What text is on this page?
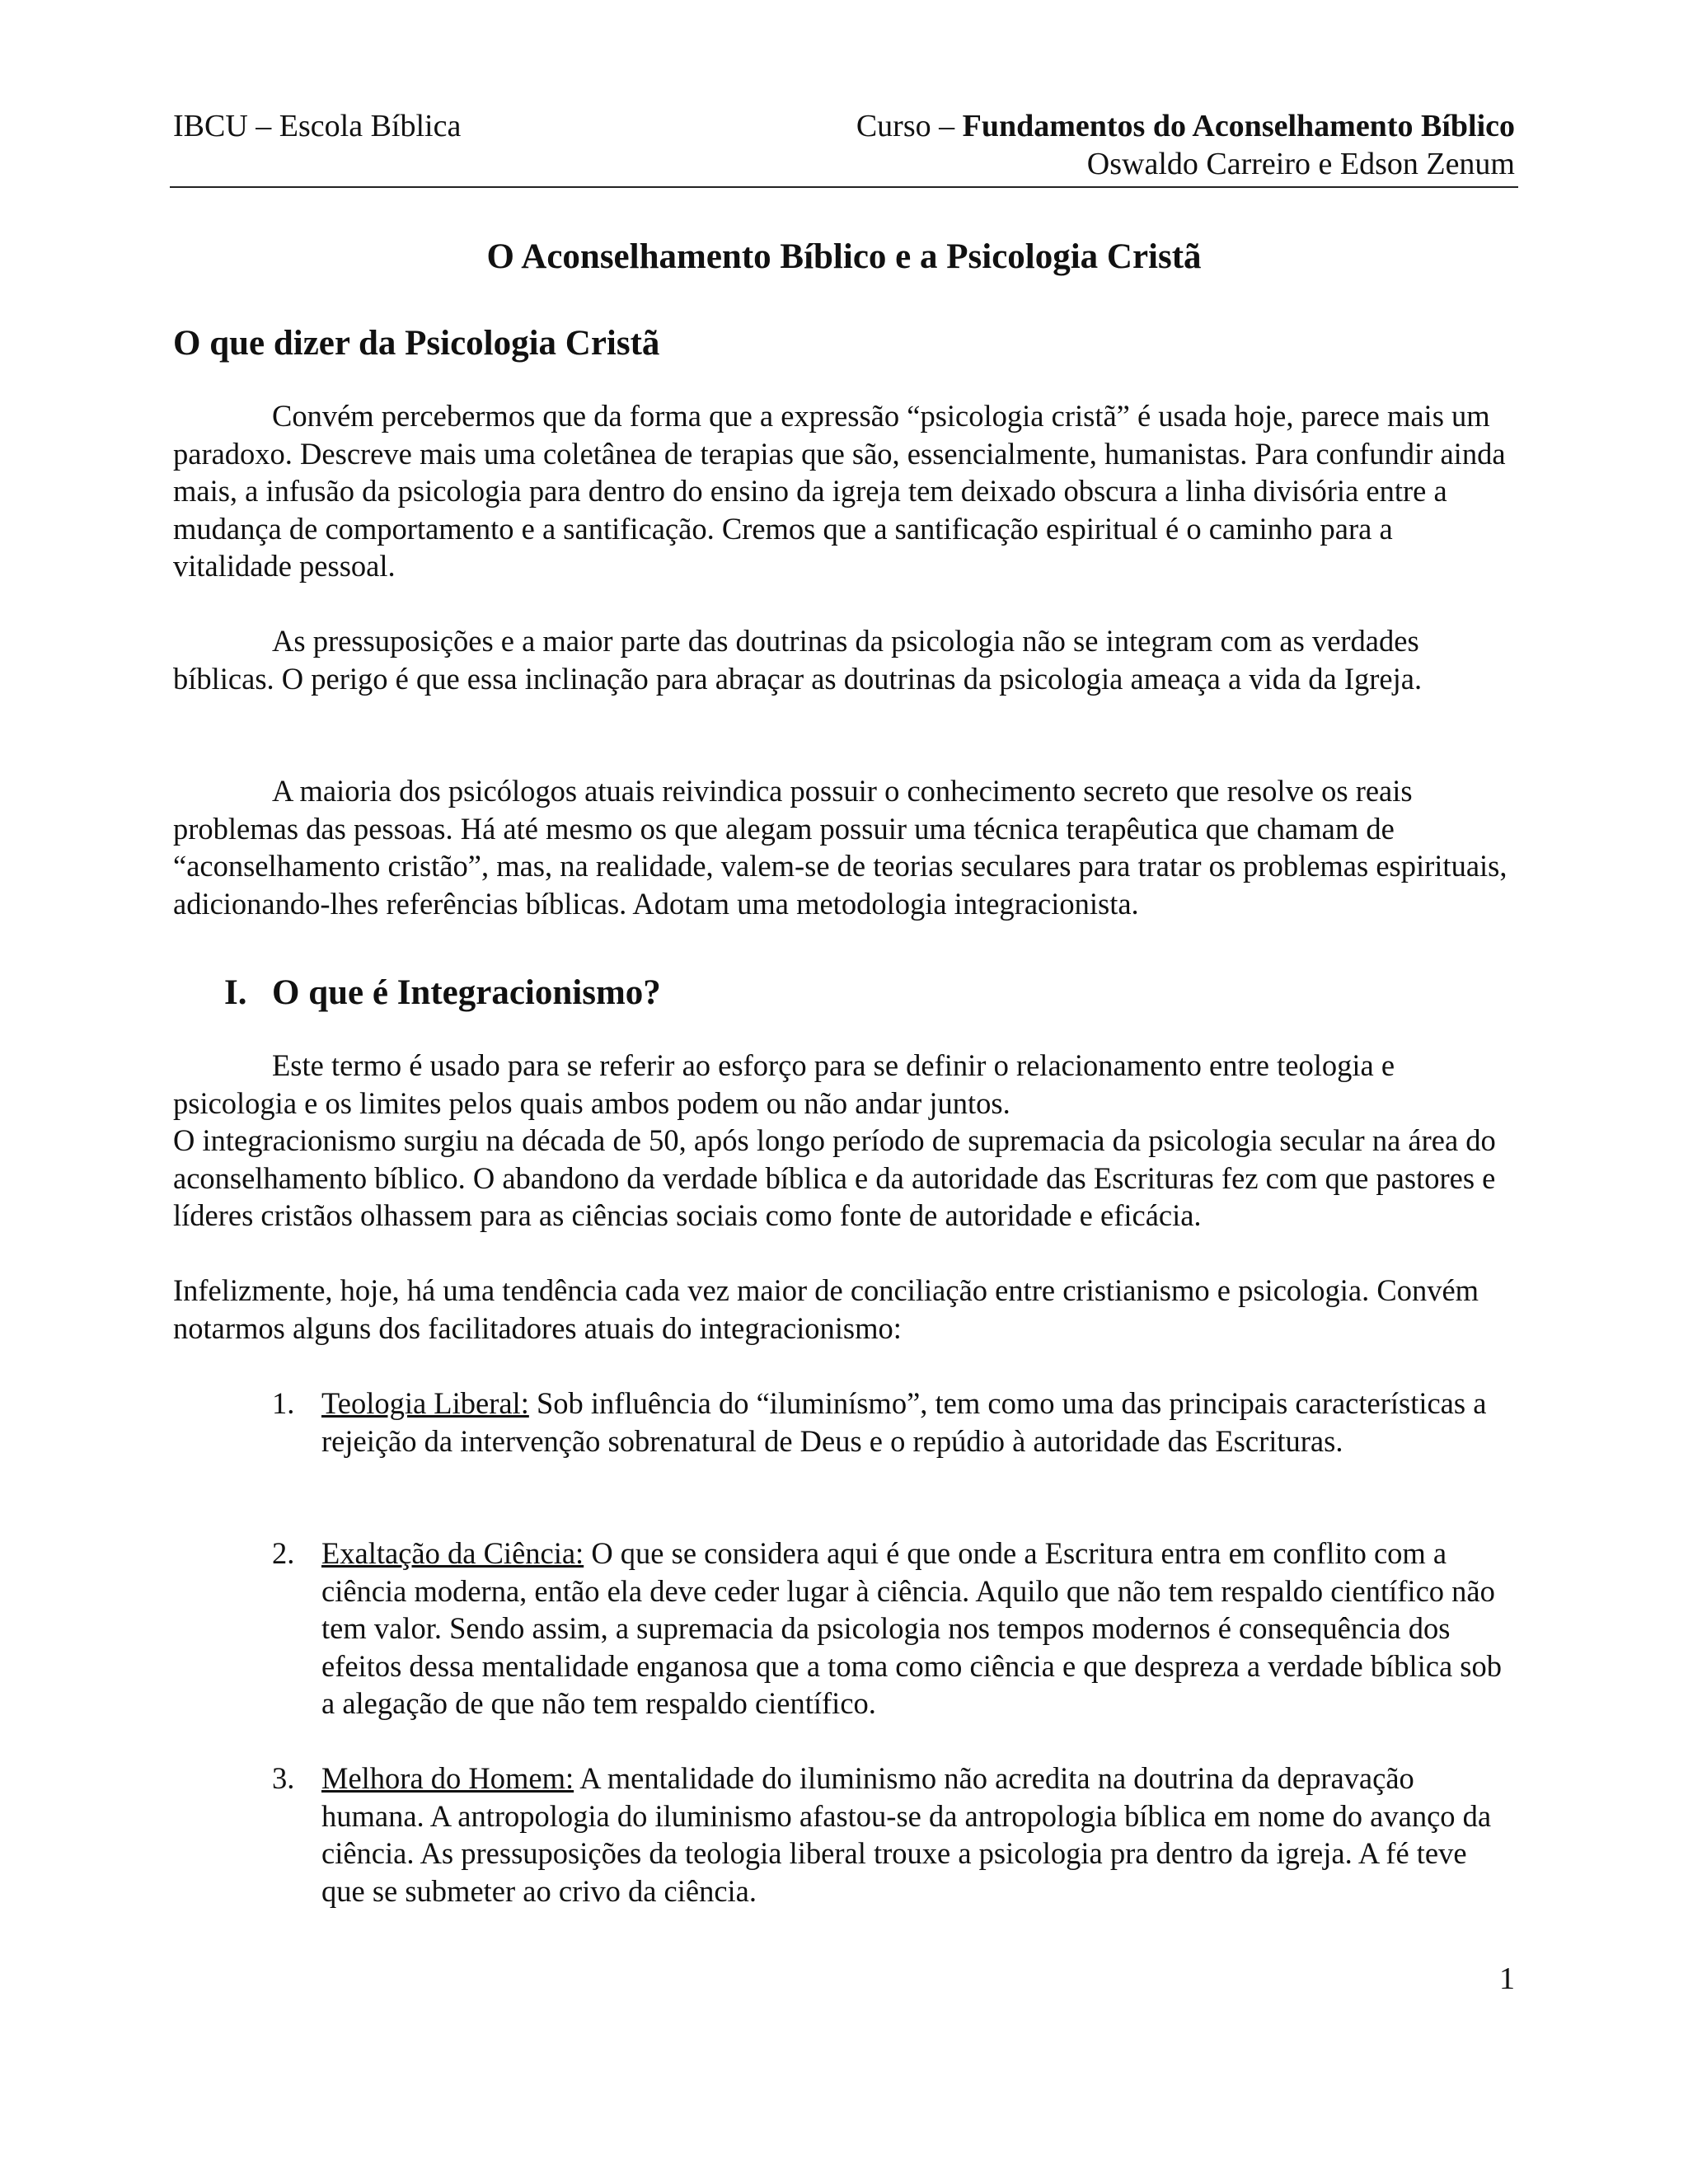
IBCU – Escola Bíblica	Curso – Fundamentos do Aconselhamento Bíblico
Oswaldo Carreiro e Edson Zenum
O Aconselhamento Bíblico e a Psicologia Cristã
O que dizer da Psicologia Cristã

Convém percebermos que da forma que a expressão “psicologia cristã” é usada hoje, parece mais um paradoxo. Descreve mais uma coletânea de terapias que são, essencialmente, humanistas. Para confundir ainda mais, a infusão da psicologia para dentro do ensino da igreja tem deixado obscura a linha divisória entre a mudança de comportamento e a santificação. Cremos que a santificação espiritual é o caminho para a vitalidade pessoal.

As pressuposições e a maior parte das doutrinas da psicologia não se integram com as verdades bíblicas. O perigo é que essa inclinação para abraçar as doutrinas da psicologia ameaça a vida da Igreja.

A maioria dos psicólogos atuais reivindica possuir o conhecimento secreto que resolve os reais problemas das pessoas. Há até mesmo os que alegam possuir uma técnica terapêutica que chamam de “aconselhamento cristão”, mas, na realidade, valem-se de teorias seculares para tratar os problemas espirituais, adicionando-lhes referências bíblicas. Adotam uma metodologia integracionista.

I. O que é Integracionismo?

Este termo é usado para se referir ao esforço para se definir o relacionamento entre teologia e psicologia e os limites pelos quais ambos podem ou não andar juntos.

O integracionismo surgiu na década de 50, após longo período de supremacia da psicologia secular na área do aconselhamento bíblico. O abandono da verdade bíblica e da autoridade das Escrituras fez com que pastores e líderes cristãos olhassem para as ciências sociais como fonte de autoridade e eficácia.

Infelizmente, hoje, há uma tendência cada vez maior de conciliação entre cristianismo e psicologia. Convém notarmos alguns dos facilitadores atuais do integracionismo:

1. Teologia Liberal: Sob influência do “iluminísmo”, tem como uma das principais características a rejeição da intervenção sobrenatural de Deus e o repúdio à autoridade das Escrituras.
2. Exaltação da Ciência: O que se considera aqui é que onde a Escritura entra em conflito com a ciência moderna, então ela deve ceder lugar à ciência. Aquilo que não tem respaldo científico não tem valor. Sendo assim, a supremacia da psicologia nos tempos modernos é consequência dos efeitos dessa mentalidade enganosa que a toma como ciência e que despreza a verdade bíblica sob a alegação de que não tem respaldo científico.
3. Melhora do Homem: A mentalidade do iluminismo não acredita na doutrina da depravação humana. A antropologia do iluminismo afastou-se da antropologia bíblica em nome do avanço da ciência. As pressuposições da teologia liberal trouxe a psicologia pra dentro da igreja. A fé teve que se submeter ao crivo da ciência.
1
